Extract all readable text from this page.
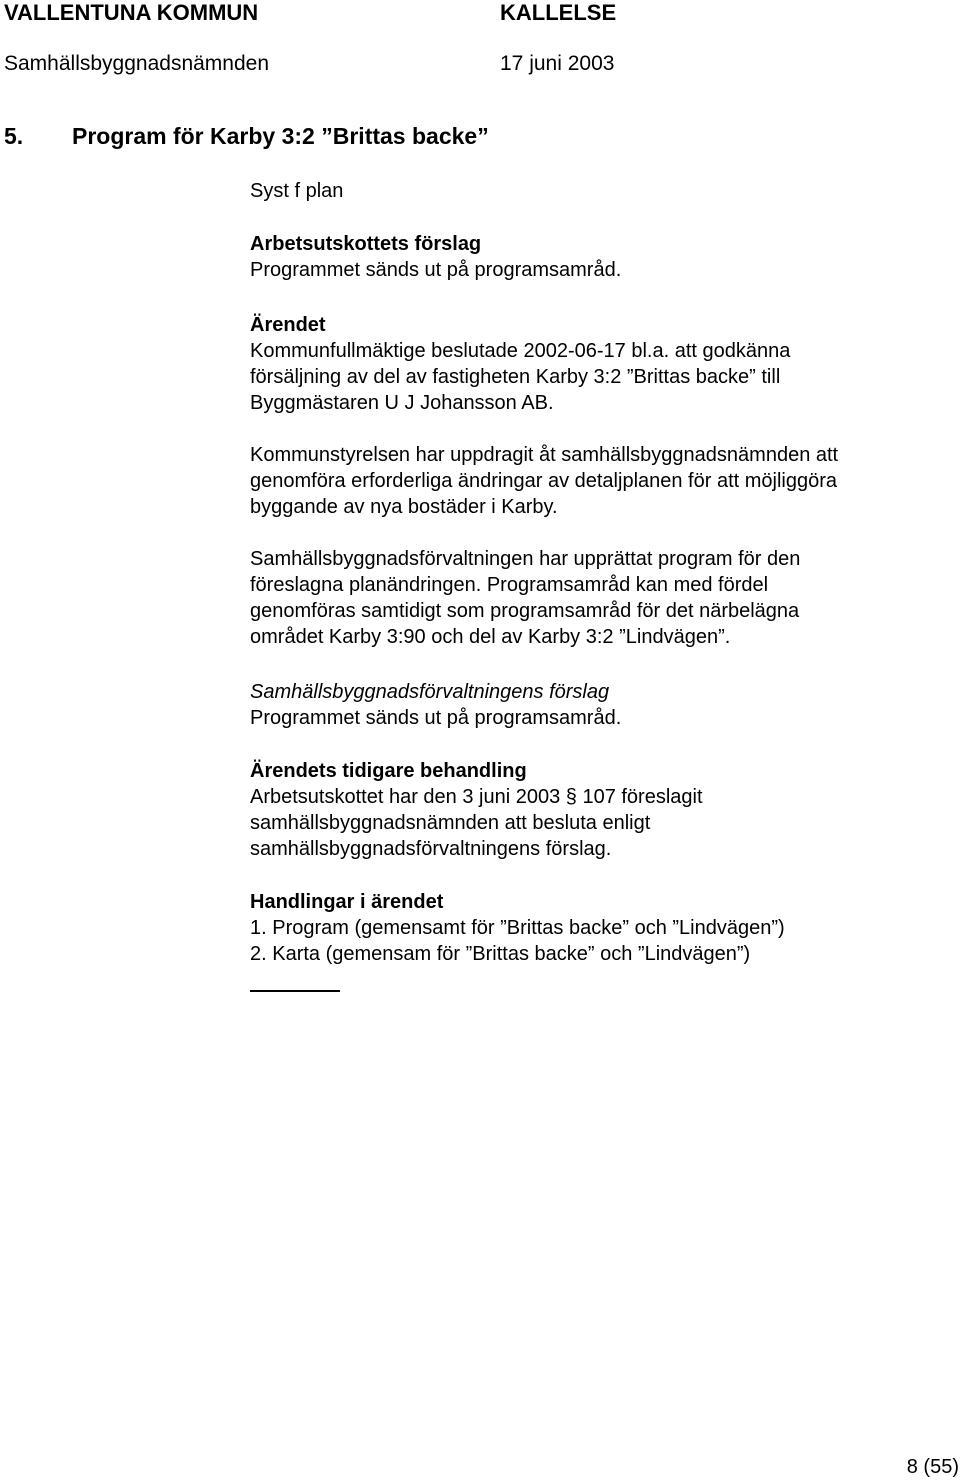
VALLENTUNA KOMMUN	KALLELSE
Samhällsbyggnadsnämnden	17 juni 2003
5. Program för Karby 3:2 ”Brittas backe”
Syst f plan
Arbetsutskottets förslag
Programmet sänds ut på programsamråd.
Ärendet
Kommunfullmäktige beslutade 2002-06-17 bl.a. att godkänna
försäljning av del av fastigheten Karby 3:2 ”Brittas backe” till
Byggmästaren U J Johansson AB.
Kommunstyrelsen har uppdragit åt samhällsbyggnadsnämnden att
genomföra erforderliga ändringar av detaljplanen för att möjliggöra
byggande av nya bostäder i Karby.
Samhällsbyggnadsförvaltningen har upprättat program för den
föreslagna planändringen. Programsamråd kan med fördel
genomföras samtidigt som programsamråd för det närbelägna
området Karby 3:90 och del av Karby 3:2 ”Lindvägen”.
Samhällsbyggnadsförvaltningens förslag
Programmet sänds ut på programsamråd.
Ärendets tidigare behandling
Arbetsutskottet har den 3 juni 2003 § 107 föreslagit
samhällsbyggnadsnämnden att besluta enligt
samhällsbyggnadsförvaltningens förslag.
Handlingar i ärendet
1. Program (gemensamt för ”Brittas backe” och ”Lindvägen”)
2. Karta (gemensam för ”Brittas backe” och ”Lindvägen”)
8 (55)
